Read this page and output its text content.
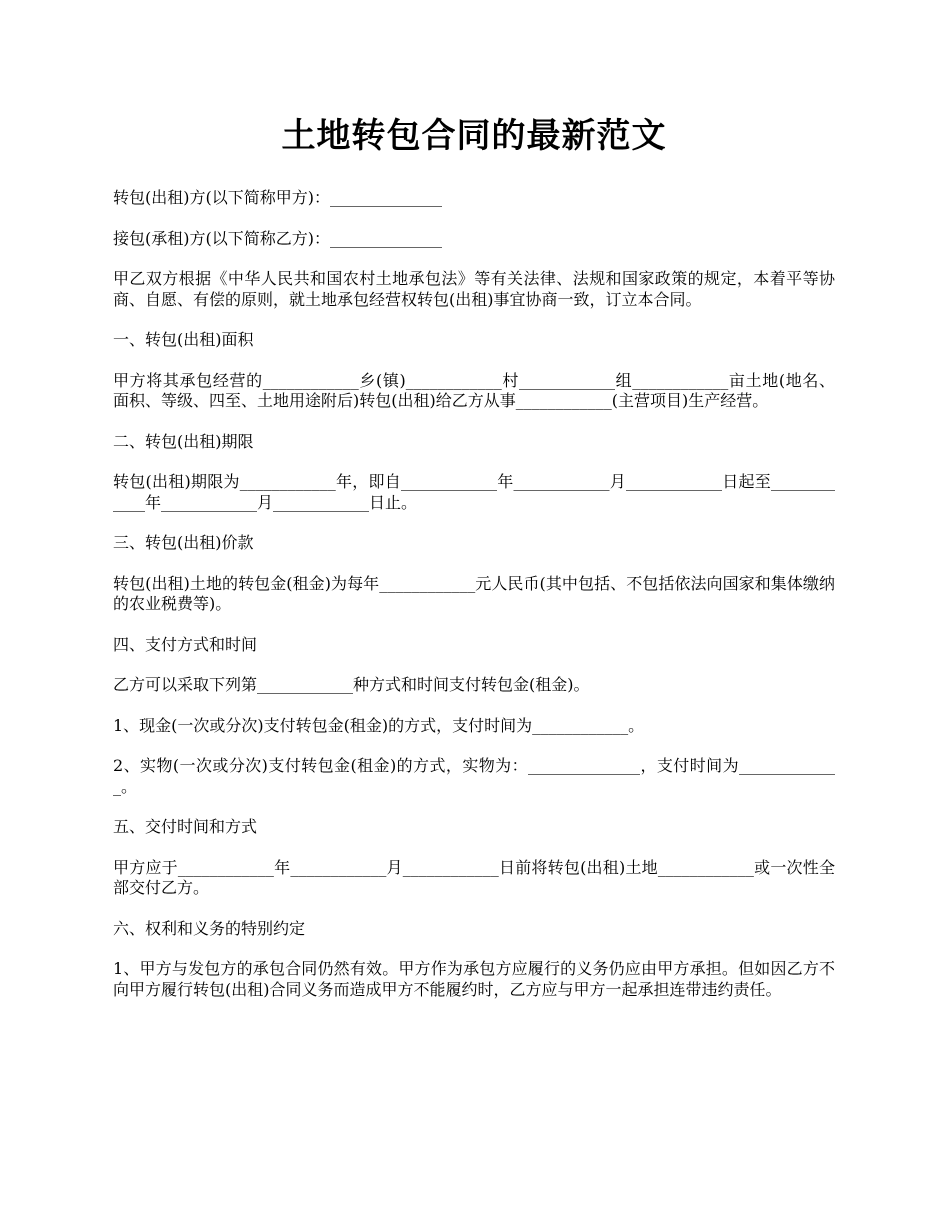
土地转包合同的最新范文

转包(出租)方(以下简称甲方)：______________

接包(承租)方(以下简称乙方)：______________

甲乙双方根据《中华人民共和国农村土地承包法》等有关法律、法规和国家政策的规定，本着平等协商、自愿、有偿的原则，就土地承包经营权转包(出租)事宜协商一致，订立本合同。

一、转包(出租)面积

甲方将其承包经营的____________乡(镇)____________村____________组____________亩土地(地名、面积、等级、四至、土地用途附后)转包(出租)给乙方从事____________(主营项目)生产经营。

二、转包(出租)期限

转包(出租)期限为____________年，即自____________年____________月____________日起至____________年____________月____________日止。

三、转包(出租)价款

转包(出租)土地的转包金(租金)为每年____________元人民币(其中包括、不包括依法向国家和集体缴纳的农业税费等)。

四、支付方式和时间

乙方可以采取下列第____________种方式和时间支付转包金(租金)。

1、现金(一次或分次)支付转包金(租金)的方式，支付时间为____________。

2、实物(一次或分次)支付转包金(租金)的方式，实物为：______________，支付时间为_____________。

五、交付时间和方式

甲方应于____________年____________月____________日前将转包(出租)土地____________或一次性全部交付乙方。

六、权利和义务的特别约定

1、甲方与发包方的承包合同仍然有效。甲方作为承包方应履行的义务仍应由甲方承担。但如因乙方不向甲方履行转包(出租)合同义务而造成甲方不能履约时，乙方应与甲方一起承担连带违约责任。
